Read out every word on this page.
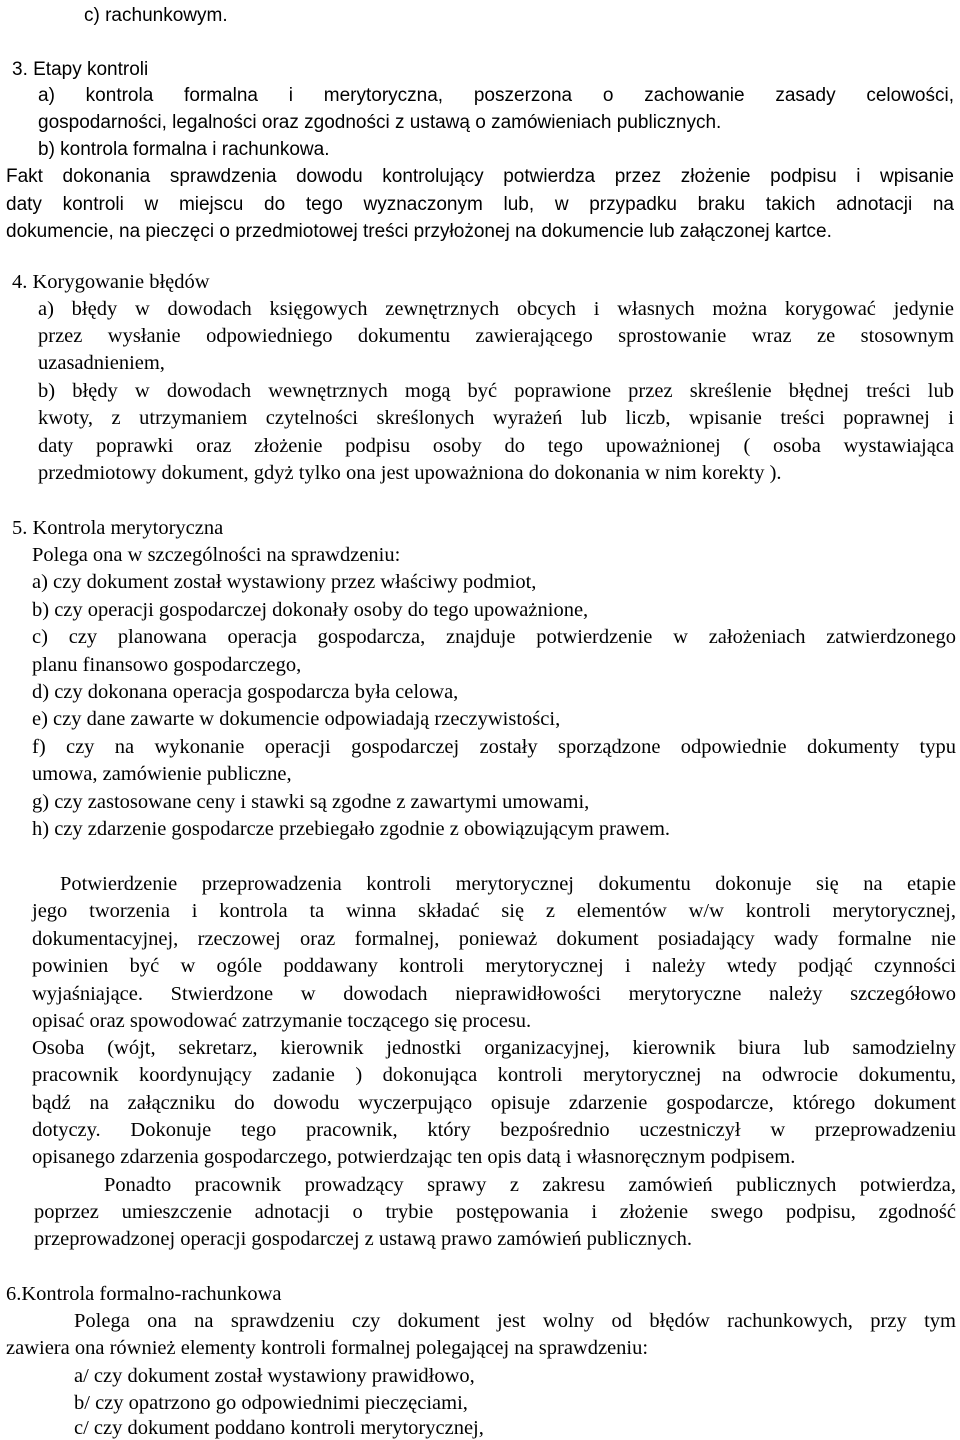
c) rachunkowym.
3. Etapy kontroli
a) kontrola formalna i merytoryczna, poszerzona o zachowanie zasady celowości,
gospodarności, legalności oraz zgodności z ustawą o zamówieniach publicznych.
b) kontrola formalna i rachunkowa.
Fakt dokonania sprawdzenia dowodu kontrolujący potwierdza przez złożenie podpisu i wpisanie
daty kontroli w miejscu do tego wyznaczonym lub, w przypadku braku takich adnotacji na
dokumencie, na pieczęci o przedmiotowej treści przyłożonej na dokumencie lub załączonej kartce.
4. Korygowanie błędów
a) błędy w dowodach księgowych zewnętrznych obcych i własnych można korygować jedynie
przez wysłanie odpowiedniego dokumentu zawierającego sprostowanie wraz ze stosownym
uzasadnieniem,
b) błędy w dowodach wewnętrznych mogą być poprawione przez skreślenie błędnej treści lub
kwoty, z utrzymaniem czytelności skreślonych wyrażeń lub liczb, wpisanie treści poprawnej i
daty poprawki oraz złożenie podpisu osoby do tego upoważnionej ( osoba wystawiająca
przedmiotowy dokument, gdyż tylko ona jest upoważniona do dokonania w nim korekty ).
5. Kontrola merytoryczna
Polega ona w szczególności na sprawdzeniu:
a) czy dokument został wystawiony przez właściwy podmiot,
b) czy operacji gospodarczej dokonały osoby do tego upoważnione,
c) czy planowana operacja gospodarcza, znajduje potwierdzenie w założeniach zatwierdzonego
planu finansowo gospodarczego,
d) czy dokonana operacja gospodarcza była celowa,
e) czy dane zawarte w dokumencie odpowiadają rzeczywistości,
f) czy na wykonanie operacji gospodarczej zostały sporządzone odpowiednie dokumenty typu
umowa, zamówienie publiczne,
g) czy zastosowane ceny i stawki są zgodne z zawartymi umowami,
h) czy zdarzenie gospodarcze przebiegało zgodnie z obowiązującym prawem.
Potwierdzenie przeprowadzenia kontroli merytorycznej dokumentu dokonuje się na etapie
jego tworzenia i kontrola ta winna składać się z elementów w/w kontroli merytorycznej,
dokumentacyjnej, rzeczowej oraz formalnej, ponieważ dokument posiadający wady formalne nie
powinien być w ogóle poddawany kontroli merytorycznej i należy wtedy podjąć czynności
wyjaśniające. Stwierdzone w dowodach nieprawidłowości merytoryczne należy szczegółowo
opisać oraz spowodować zatrzymanie toczącego się procesu.
Osoba (wójt, sekretarz, kierownik jednostki organizacyjnej, kierownik biura lub samodzielny
pracownik koordynujący zadanie ) dokonująca kontroli merytorycznej na odwrocie dokumentu,
bądź na załączniku do dowodu wyczerpująco opisuje zdarzenie gospodarcze, którego dokument
dotyczy. Dokonuje tego pracownik, który bezpośrednio uczestniczył w przeprowadzeniu
opisanego zdarzenia gospodarczego, potwierdzając ten opis datą i własnoręcznym podpisem.
Ponadto pracownik prowadzący sprawy z zakresu zamówień publicznych potwierdza,
poprzez umieszczenie adnotacji o trybie postępowania i złożenie swego podpisu, zgodność
przeprowadzonej operacji gospodarczej z ustawą prawo zamówień publicznych.
6.Kontrola formalno-rachunkowa
Polega ona na sprawdzeniu czy dokument jest wolny od błędów rachunkowych, przy tym
zawiera ona również elementy kontroli formalnej polegającej na sprawdzeniu:
a/ czy dokument został wystawiony prawidłowo,
b/ czy opatrzono go odpowiednimi pieczęciami,
c/ czy dokument poddano kontroli merytorycznej,
